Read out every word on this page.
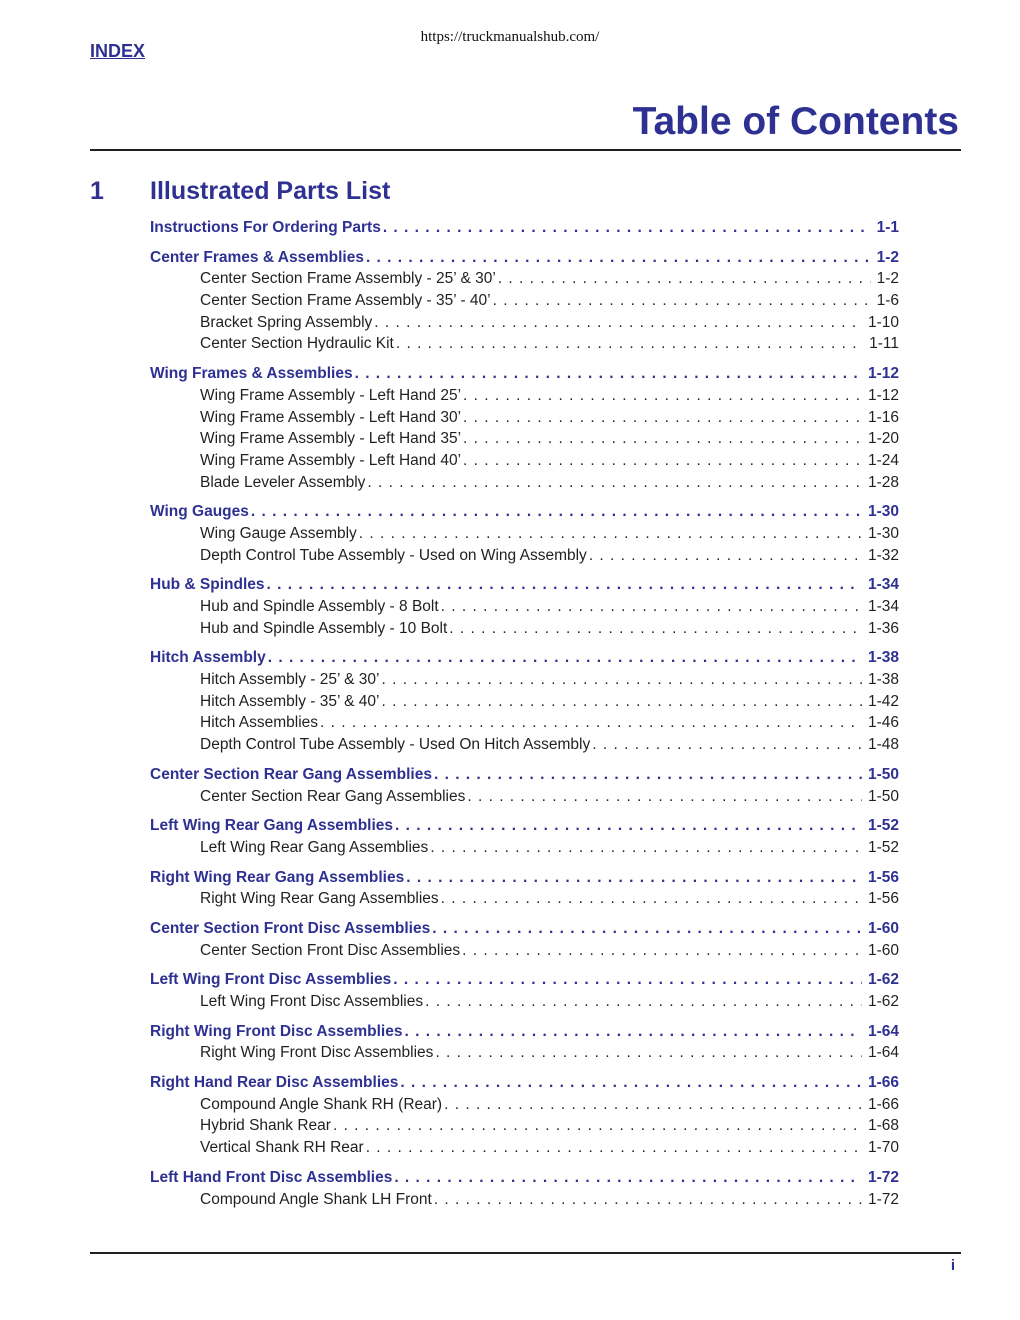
https://truckmanualshub.com/
INDEX
Table of Contents
1 Illustrated Parts List
Instructions For Ordering Parts . . .	1-1
Center Frames & Assemblies . . .	1-2
Center Section Frame Assembly - 25’ & 30’ . . .	1-2
Center Section Frame Assembly - 35’ - 40’ . . .	1-6
Bracket Spring Assembly . . .	1-10
Center Section Hydraulic Kit . . .	1-11
Wing Frames & Assemblies . . .	1-12
Wing Frame Assembly - Left Hand 25’ . . .	1-12
Wing Frame Assembly - Left Hand 30’ . . .	1-16
Wing Frame Assembly - Left Hand 35’ . . .	1-20
Wing Frame Assembly - Left Hand 40’ . . .	1-24
Blade Leveler Assembly . . .	1-28
Wing Gauges . . .	1-30
Wing Gauge Assembly . . .	1-30
Depth Control Tube Assembly - Used on Wing Assembly . . .	1-32
Hub & Spindles . . .	1-34
Hub and Spindle Assembly - 8 Bolt . . .	1-34
Hub and Spindle Assembly - 10 Bolt . . .	1-36
Hitch Assembly . . .	1-38
Hitch Assembly - 25’ & 30’ . . .	1-38
Hitch Assembly - 35’ & 40’ . . .	1-42
Hitch Assemblies . . .	1-46
Depth Control Tube Assembly - Used On Hitch Assembly . . .	1-48
Center Section Rear Gang Assemblies . . .	1-50
Center Section Rear Gang Assemblies . . .	1-50
Left Wing Rear Gang Assemblies . . .	1-52
Left Wing Rear Gang Assemblies . . .	1-52
Right Wing Rear Gang Assemblies . . .	1-56
Right Wing Rear Gang Assemblies . . .	1-56
Center Section Front Disc Assemblies . . .	1-60
Center Section Front Disc Assemblies . . .	1-60
Left Wing Front Disc Assemblies . . .	1-62
Left Wing Front Disc Assemblies . . .	1-62
Right Wing Front Disc Assemblies . . .	1-64
Right Wing Front Disc Assemblies . . .	1-64
Right Hand Rear Disc Assemblies . . .	1-66
Compound Angle Shank RH (Rear) . . .	1-66
Hybrid Shank Rear . . .	1-68
Vertical Shank RH Rear . . .	1-70
Left Hand Front Disc Assemblies . . .	1-72
Compound Angle Shank LH Front . . .	1-72
i
